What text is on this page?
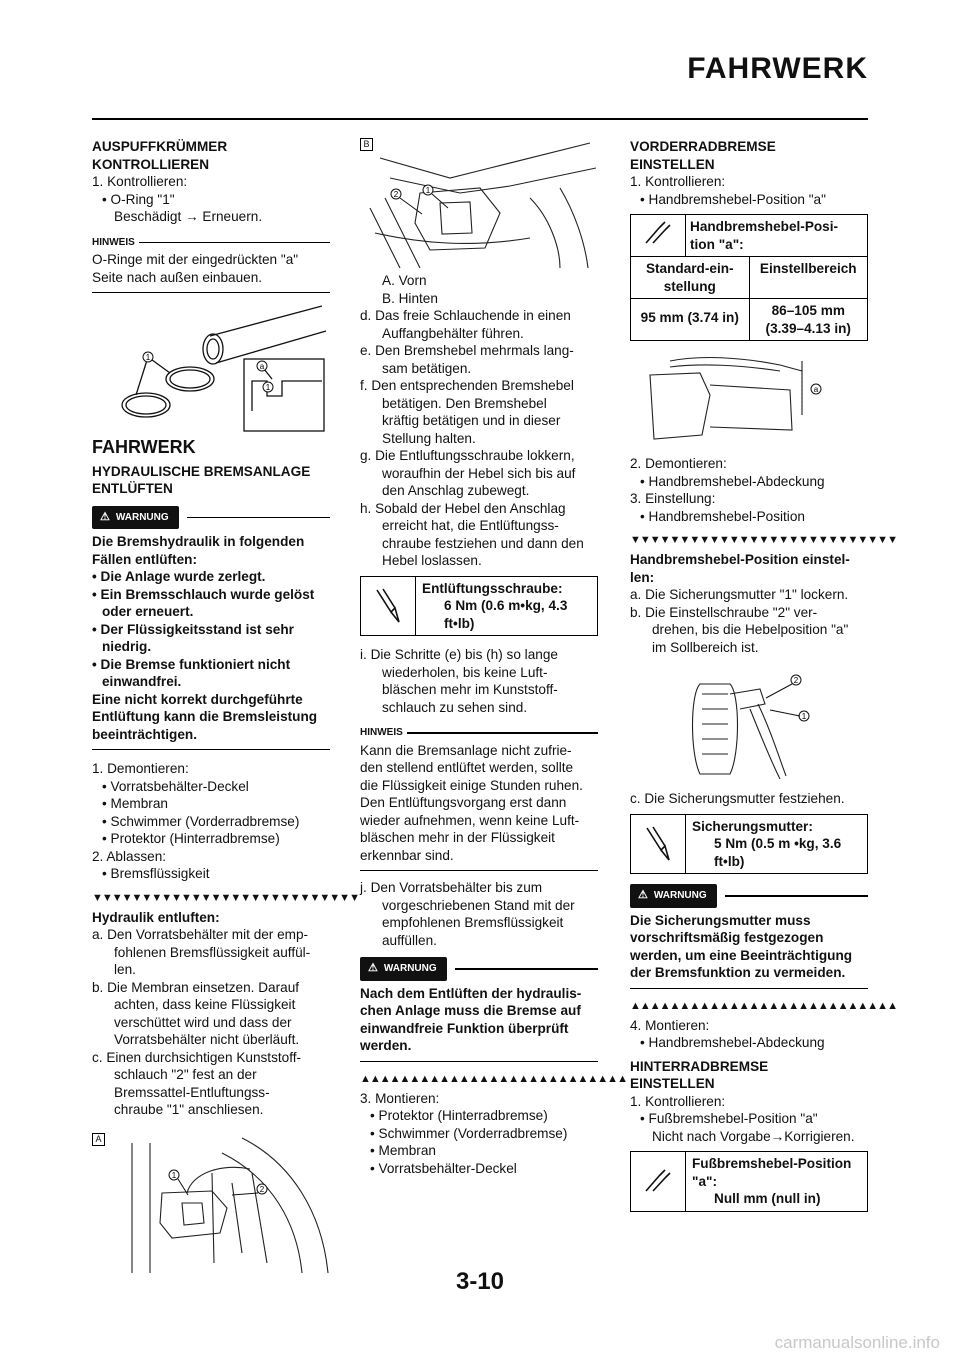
FAHRWERK
AUSPUFFKRÜMMER
KONTROLLIEREN
1. Kontrollieren:
• O-Ring "1"
Beschädigt → Erneuern.
HINWEIS
O-Ringe mit der eingedrückten "a"
Seite nach außen einbauen.
1
a
1
FAHRWERK
HYDRAULISCHE BREMSANLAGE
ENTLÜFTEN
⚠ WARNUNG
Die Bremshydraulik in folgenden
Fällen entlüften:
• Die Anlage wurde zerlegt.
• Ein Bremsschlauch wurde gelöst
oder erneuert.
• Der Flüssigkeitsstand ist sehr
niedrig.
• Die Bremse funktioniert nicht
einwandfrei.
Eine nicht korrekt durchgeführte
Entlüftung kann die Bremsleistung
beeinträchtigen.
1. Demontieren:
• Vorratsbehälter-Deckel
• Membran
• Schwimmer (Vorderradbremse)
• Protektor (Hinterradbremse)
2. Ablassen:
• Bremsflüssigkeit
▼▼▼▼▼▼▼▼▼▼▼▼▼▼▼▼▼▼▼▼▼▼▼▼▼▼▼
Hydraulik entluften:
a. Den Vorratsbehälter mit der emp-
fohlenen Bremsflüssigkeit auffül-
len.
b. Die Membran einsetzen. Darauf
achten, dass keine Flüssigkeit
verschüttet wird und dass der
Vorratsbehälter nicht überläuft.
c. Einen durchsichtigen Kunststoff-
schlauch "2" fest an der
Bremssattel-Entluftungss-
chraube "1" anschliesen.
A
1
2
B
2	1
A. Vorn
B. Hinten
d. Das freie Schlauchende in einen
Auffangbehälter führen.
e. Den Bremshebel mehrmals lang-
sam betätigen.
f. Den entsprechenden Bremshebel
betätigen. Den Bremshebel
kräftig betätigen und in dieser
Stellung halten.
g. Die Entluftungsschraube lokkern,
woraufhin der Hebel sich bis auf
den Anschlag zubewegt.
h. Sobald der Hebel den Anschlag
erreicht hat, die Entlüftungss-
chraube festziehen und dann den
Hebel loslassen.
Entlüftungsschraube:
6 Nm (0.6 m•kg, 4.3
ft•lb)
i. Die Schritte (e) bis (h) so lange
wiederholen, bis keine Luft-
bläschen mehr im Kunststoff-
schlauch zu sehen sind.
HINWEIS
Kann die Bremsanlage nicht zufrie-
den stellend entlüftet werden, sollte
die Flüssigkeit einige Stunden ruhen.
Den Entlüftungsvorgang erst dann
wieder aufnehmen, wenn keine Luft-
bläschen mehr in der Flüssigkeit
erkennbar sind.
j. Den Vorratsbehälter bis zum
vorgeschriebenen Stand mit der
empfohlenen Bremsflüssigkeit
auffüllen.
⚠ WARNUNG
Nach dem Entlüften der hydraulis-
chen Anlage muss die Bremse auf
einwandfreie Funktion überprüft
werden.
▲▲▲▲▲▲▲▲▲▲▲▲▲▲▲▲▲▲▲▲▲▲▲▲▲▲▲
3. Montieren:
• Protektor (Hinterradbremse)
• Schwimmer (Vorderradbremse)
• Membran
• Vorratsbehälter-Deckel
VORDERRADBREMSE
EINSTELLEN
1. Kontrollieren:
• Handbremshebel-Position "a"
Handbremshebel-Posi-
tion "a":
Standard-ein-stellung
Einstellbereich
95 mm (3.74 in)	86–105 mm (3.39–4.13 in)
a
2. Demontieren:
• Handbremshebel-Abdeckung
3. Einstellung:
• Handbremshebel-Position
▼▼▼▼▼▼▼▼▼▼▼▼▼▼▼▼▼▼▼▼▼▼▼▼▼▼▼
Handbremshebel-Position einstel-
len:
a. Die Sicherungsmutter "1" lockern.
b. Die Einstellschraube "2" ver-
drehen, bis die Hebelposition "a"
im Sollbereich ist.
2
1
c. Die Sicherungsmutter festziehen.
Sicherungsmutter:
5 Nm (0.5 m •kg, 3.6
ft•lb)
⚠ WARNUNG
Die Sicherungsmutter muss
vorschriftsmäßig festgezogen
werden, um eine Beeinträchtigung
der Bremsfunktion zu vermeiden.
▲▲▲▲▲▲▲▲▲▲▲▲▲▲▲▲▲▲▲▲▲▲▲▲▲▲▲
4. Montieren:
• Handbremshebel-Abdeckung
HINTERRADBREMSE
EINSTELLEN
1. Kontrollieren:
• Fußbremshebel-Position "a"
Nicht nach Vorgabe→Korrigieren.
Fußbremshebel-Position
"a":
Null mm (null in)
3-10
carmanualsonline.info
